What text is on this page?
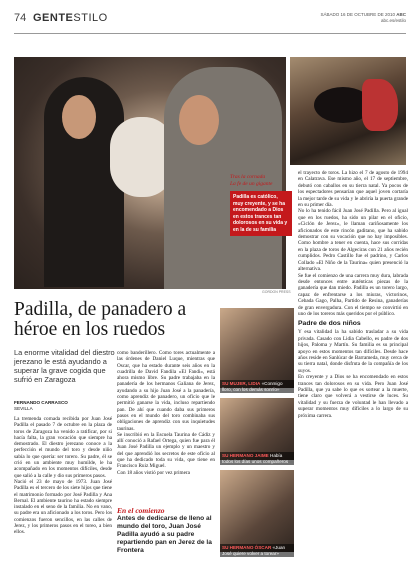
74 GENTESTILO	SÁBADO 16 DE OCTUBRE DE 2010 ABC
abc.es/estilo
GORDON PRESS
Tras la cornada
La fe de un gigante
Padilla es católico, muy creyente, y se ha encomendado a Dios en estos trances tan dolorosos en su vida y en la de su familia
Padilla, de panadero a héroe en los ruedos
La enorme vitalidad del diestro jerezano le está ayudando a superar la grave cogida que sufrió en Zaragoza
FERNANDO CARRASCO
SEVILLA
La tremenda cornada recibida por Juan José Padilla el pasado 7 de octubre en la plaza de toros de Zaragoza ha venido a ratificar, por si hacía falta, la gran vocación que siempre ha demostrado. El diestro jerezano conoce a la perfección el mundo del toro y desde niño sabía lo que quería: ser torero. Su padre, él se crió en un ambiente muy humilde, le ha acompañado en los momentos difíciles, desde que salió a la calle y dio sus primeros pasos.
Nació el 23 de mayo de 1973. Juan José Padilla es el tercero de los siete hijos que tiene el matrimonio formado por José Padilla y Ana Bernal. El ambiente taurino ha estado siempre instalado en el seno de la familia. No en vano, su padre era un aficionado a los toros. Pero los comienzos fueron sencillos, en las calles de Jerez, y los primeros pasos en el toreo, a bien ellos.
como banderillero. Como tores actualmente a las órdenes de Daniel Luque, mientras que Oscar, que ha estado durante seis años en la cuadrilla de David Fandila «El Fandi», está ahora mismo libre. Su padre trabajaba en la panadería de los hermanos Galiana de Jerez, ayudando a su hijo Juan José a la panadería, como aprendiz de panadero, un oficio que le permitió ganarse la vida, incluso repartiendo pan. De ahí que cuando daba sus primeros pasos en el mundo del toro combinaba sus obligaciones de aprendiz con sus inquietudes taurinas.
Se inscribió en la Escuela Taurina de Cádiz y allí conoció a Rafael Ortega, quien fue para él Juan José Padilla un ejemplo y un maestro y del que aprendió los secretos de este oficio al que ha dedicado toda su vida, que tiene en Francisco Ruiz Miguel.
Con 18 años vistió por vez primera
En el comienzo
Antes de dedicarse de lleno al mundo del toro, Juan José Padilla ayudó a su padre repartiendo pan en Jerez de la Frontera
SU MUJER, LIDIA «Conmigo lloro, con los demás sonrío»
SU HERMANO JAIME Había todos los días unos compañeros
SU HERMANO ÓSCAR «Juan José quiere volver a torear»
el trayecto de toros. La hizo el 7 de agosto de 1994 en Calatrava. Ese mismo año, el 17 de septiembre, debutó con caballos en su tierra natal. Ya pocos de los espectadores pensarían que aquel joven cortaría la mejor tarde de su vida y le abriría la puerta grande en su primer día.
No lo ha tenido fácil Juan José Padilla. Pero al igual que en los ruedos, ha sido un pilar en el oficio, «Ciclón de Jerez», le llaman cariñosamente los aficionados de este rincón gaditano, que ha sabido demostrar con su vocación que no hay imposibles. Como hombre a tener en cuenta, hace sus corridas en la plaza de toros de Algeciras con 21 años recién cumplidos. Pedro Castillo fue el padrino, y Carlos Collado «El Niño de la Taurina» quien presenció la alternativa.
Se fue el comienzo de una carrera muy dura, labrada desde entonces entre auténticas piezas de la ganadería que dan miedo. Padilla es un torero largo, capaz de enfrentarse a los miuras, victorinos, Cebada Gago, Palha, Partido de Resina, ganaderías de gran envergadura. Con el tiempo se convirtió en uno de los toreros más queridos por el público.
Padre de dos niños
Y esa vitalidad la ha sabido trasladar a su vida privada. Casado con Lidia Cabello, es padre de dos hijos, Paloma y Martín. Su familia es su principal apoyo en estos momentos tan difíciles. Desde hace años reside en Sanlúcar de Barrameda, muy cerca de su tierra natal, donde disfruta de la compañía de los suyos.
En creyente y a Dios se ha encomendado en estos trances tan dolorosos en su vida. Pero Juan José Padilla, que ya sabe lo que es sortear a la muerte, tiene claro que volverá a vestirse de luces. Su vitalidad y su fuerza de voluntad le han llevado a superar momentos muy difíciles a lo largo de su próxima carrera.
